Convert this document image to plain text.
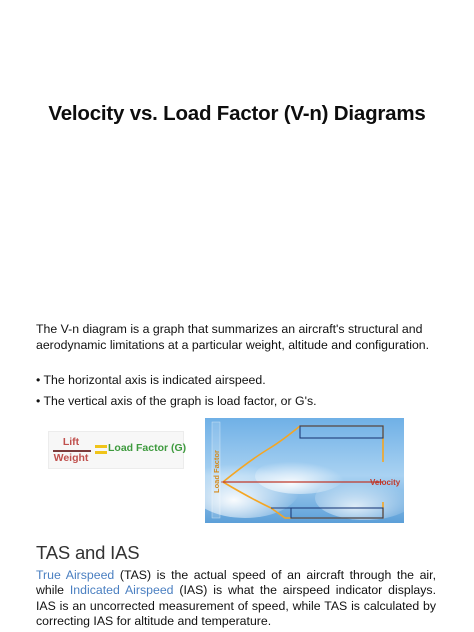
Velocity vs. Load Factor (V-n) Diagrams
The V-n diagram is a graph that summarizes an aircraft's structural and aerodynamic limitations at a particular weight, altitude and configuration.
• The horizontal axis is indicated airspeed.
• The vertical axis of the graph is load factor, or G's.
Lift
Weight
Load Factor (G)
Load Factor	Velocity
TAS and IAS
True Airspeed (TAS) is the actual speed of an aircraft through the air, while Indicated Airspeed (IAS) is what the airspeed indicator displays. IAS is an uncorrected measurement of speed, while TAS is calculated by correcting IAS for altitude and temperature.
